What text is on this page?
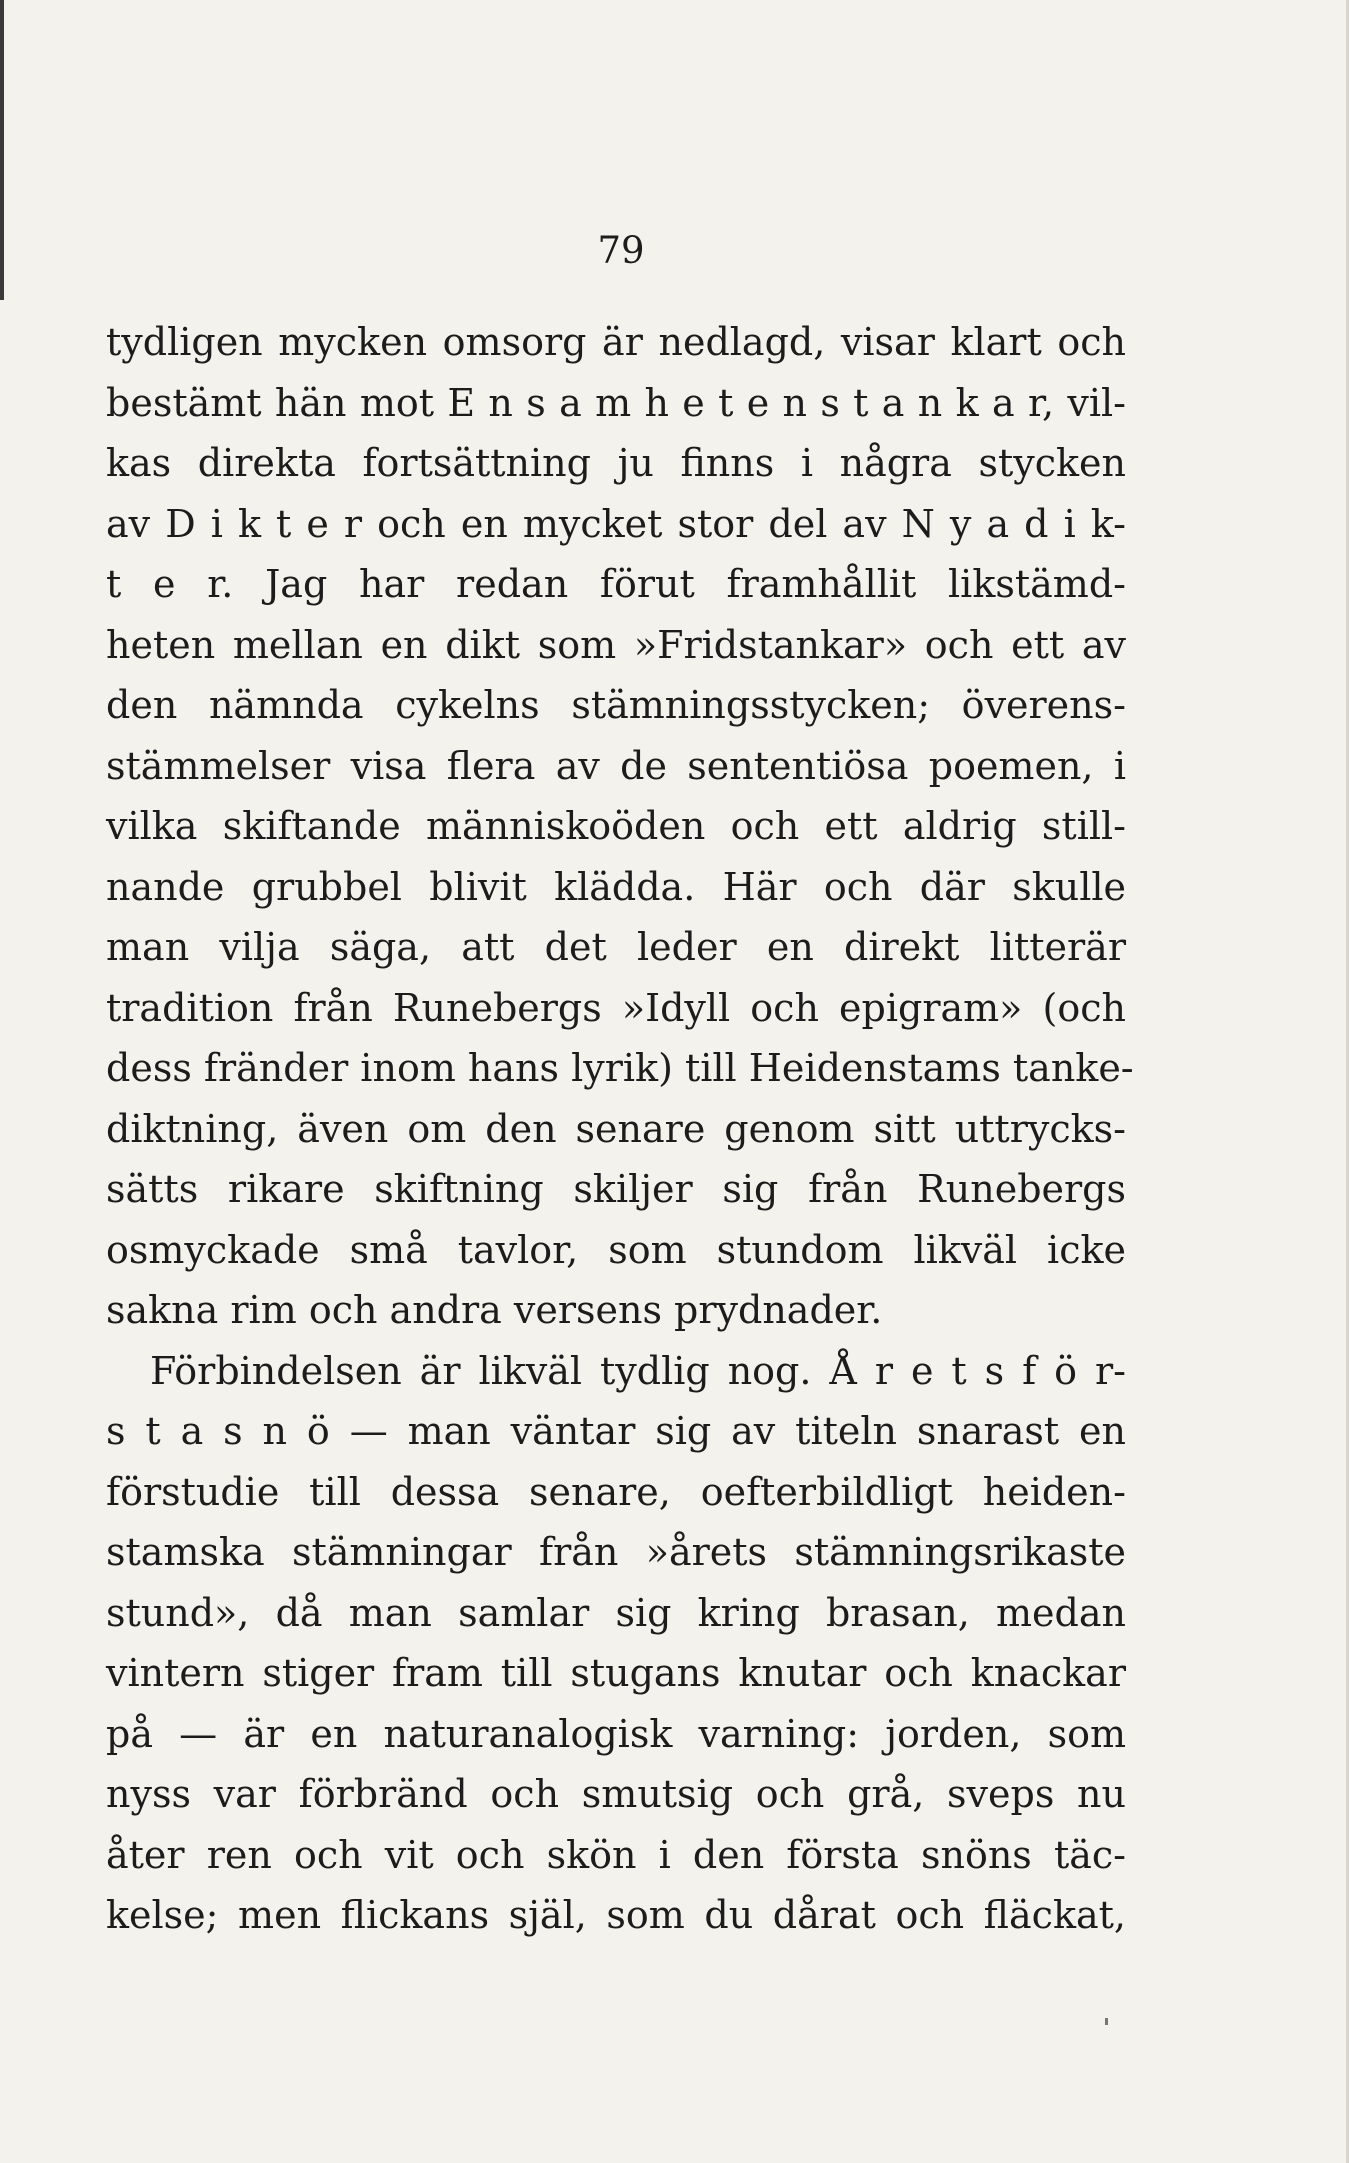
79
tydligen mycken omsorg är nedlagd, visar klart och
bestämt hän mot E n s a m h e t e n s t a n k a r, vil-
kas direkta fortsättning ju finns i några stycken
av D i k t e r och en mycket stor del av N y a d i k-
t e r. Jag har redan förut framhållit likstämd-
heten mellan en dikt som »Fridstankar» och ett av
den nämnda cykelns stämningsstycken; överens-
stämmelser visa flera av de sententiösa poemen, i
vilka skiftande människoöden och ett aldrig still-
nande grubbel blivit klädda. Här och där skulle
man vilja säga, att det leder en direkt litterär
tradition från Runebergs »Idyll och epigram» (och
dess fränder inom hans lyrik) till Heidenstams tanke-
diktning, även om den senare genom sitt uttrycks-
sätts rikare skiftning skiljer sig från Runebergs
osmyckade små tavlor, som stundom likväl icke
sakna rim och andra versens prydnader.
Förbindelsen är likväl tydlig nog. Å r e t s f ö r-
s t a s n ö — man väntar sig av titeln snarast en
förstudie till dessa senare, oefterbildligt heiden-
stamska stämningar från »årets stämningsrikaste
stund», då man samlar sig kring brasan, medan
vintern stiger fram till stugans knutar och knackar
på — är en naturanalogisk varning: jorden, som
nyss var förbränd och smutsig och grå, sveps nu
åter ren och vit och skön i den första snöns täc-
kelse; men flickans själ, som du dårat och fläckat,
